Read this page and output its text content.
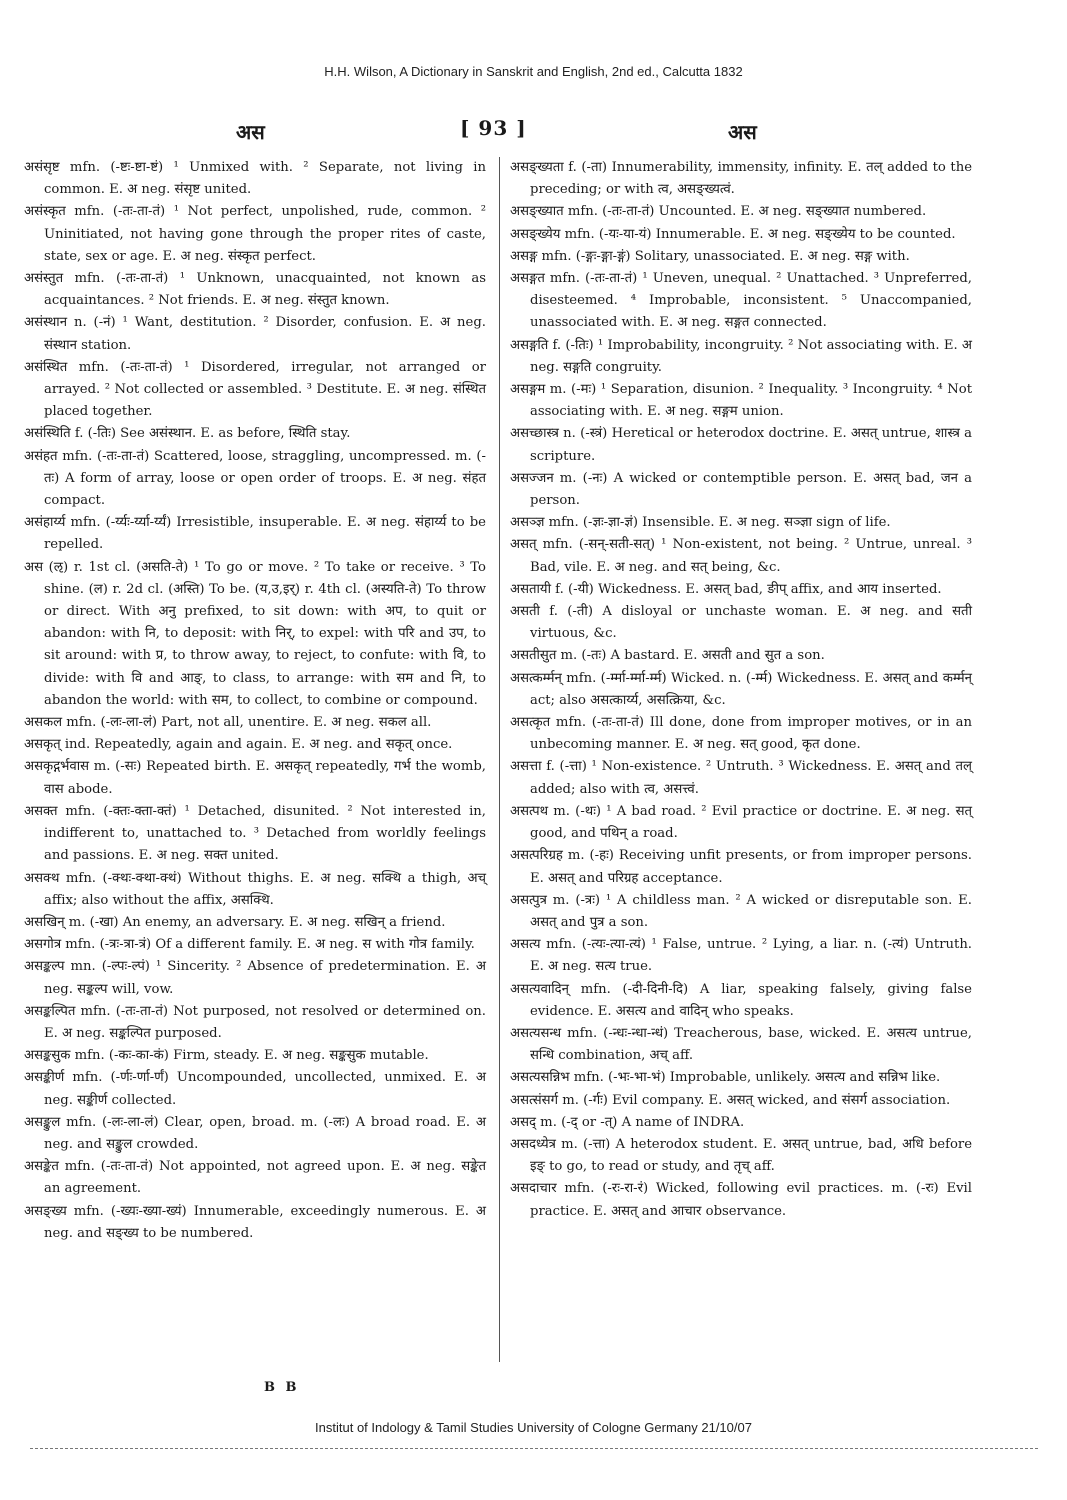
H.H. Wilson, A Dictionary in Sanskrit and English, 2nd ed., Calcutta 1832
अस	[ 93 ]	अस

असंसृष्ट mfn. (-ष्टः-ष्टा-ष्टं) ¹ Unmixed with. ² Separate, not living in common. E. अ neg. संसृष्ट united.

असंस्कृत mfn. (-तः-ता-तं) ¹ Not perfect, unpolished, rude, common. ² Uninitiated, not having gone through the proper rites of caste, state, sex or age. E. अ neg. संस्कृत perfect.

असंस्तुत mfn. (-तः-ता-तं) ¹ Unknown, unacquainted, not known as acquaintances. ² Not friends. E. अ neg. संस्तुत known.

असंस्थान n. (-नं) ¹ Want, destitution. ² Disorder, confusion. E. अ neg. संस्थान station.

असंस्थित mfn. (-तः-ता-तं) ¹ Disordered, irregular, not arranged or arrayed. ² Not collected or assembled. ³ Destitute. E. अ neg. संस्थित placed together.

असंस्थिति f. (-तिः) See असंस्थान. E. as before, स्थिति stay.

असंहत mfn. (-तः-ता-तं) Scattered, loose, straggling, uncompressed. m. (-तः) A form of array, loose or open order of troops. E. अ neg. संहत compact.

असंहार्य्य mfn. (-र्य्यः-र्य्या-र्य्यं) Irresistible, insuperable. E. अ neg. संहार्य्य to be repelled.

अस (ऌ) r. 1st cl. (असति-ते) ¹ To go or move. ² To take or receive. ³ To shine. (ल) r. 2d cl. (अस्ति) To be. (य,उ,इर्) r. 4th cl. (अस्यति-ते) To throw or direct. With अनु prefixed, to sit down: with अप, to quit or abandon: with नि, to deposit: with निर्, to expel: with परि and उप, to sit around: with प्र, to throw away, to reject, to confute: with वि, to divide: with वि and आङ्, to class, to arrange: with सम and नि, to abandon the world: with सम, to collect, to combine or compound.

असकल mfn. (-लः-ला-लं) Part, not all, unentire. E. अ neg. सकल all.

असकृत् ind. Repeatedly, again and again. E. अ neg. and सकृत् once.

असकृद्गर्भवास m. (-सः) Repeated birth. E. असकृत् repeatedly, गर्भ the womb, वास abode.

असक्त mfn. (-क्तः-क्ता-क्तं) ¹ Detached, disunited. ² Not interested in, indifferent to, unattached to. ³ Detached from worldly feelings and passions. E. अ neg. सक्त united.

असक्थ mfn. (-क्थः-क्था-क्थं) Without thighs. E. अ neg. सक्थि a thigh, अच् affix; also without the affix, असक्थि.

असखिन् m. (-खा) An enemy, an adversary. E. अ neg. सखिन् a friend.

असगोत्र mfn. (-त्रः-त्रा-त्रं) Of a different family. E. अ neg. स with गोत्र family.

असङ्कल्प mn. (-ल्पः-ल्पं) ¹ Sincerity. ² Absence of predetermination. E. अ neg. सङ्कल्प will, vow.

असङ्कल्पित mfn. (-तः-ता-तं) Not purposed, not resolved or determined on. E. अ neg. सङ्कल्पित purposed.

असङ्कसुक mfn. (-कः-का-कं) Firm, steady. E. अ neg. सङ्कसुक mutable.

असङ्कीर्ण mfn. (-र्णः-र्णा-र्णं) Uncompounded, uncollected, unmixed. E. अ neg. सङ्कीर्ण collected.

असङ्कुल mfn. (-लः-ला-लं) Clear, open, broad. m. (-लः) A broad road. E. अ neg. and सङ्कुल crowded.

असङ्केत mfn. (-तः-ता-तं) Not appointed, not agreed upon. E. अ neg. सङ्केत an agreement.

असङ्ख्य mfn. (-ख्यः-ख्या-ख्यं) Innumerable, exceedingly numerous. E. अ neg. and सङ्ख्य to be numbered.

असङ्ख्यता f. (-ता) Innumerability, immensity, infinity. E. तल् added to the preceding; or with त्व, असङ्ख्यत्वं.

असङ्ख्यात mfn. (-तः-ता-तं) Uncounted. E. अ neg. सङ्ख्यात numbered.

असङ्ख्येय mfn. (-यः-या-यं) Innumerable. E. अ neg. सङ्ख्येय to be counted.

असङ्ग mfn. (-ङ्गः-ङ्गा-ङ्गं) Solitary, unassociated. E. अ neg. सङ्ग with.

असङ्गत mfn. (-तः-ता-तं) ¹ Uneven, unequal. ² Unattached. ³ Unpreferred, disesteemed. ⁴ Improbable, inconsistent. ⁵ Unaccompanied, unassociated with. E. अ neg. सङ्गत connected.

असङ्गति f. (-तिः) ¹ Improbability, incongruity. ² Not associating with. E. अ neg. सङ्गति congruity.

असङ्गम m. (-मः) ¹ Separation, disunion. ² Inequality. ³ Incongruity. ⁴ Not associating with. E. अ neg. सङ्गम union.

असच्छास्त्र n. (-स्त्रं) Heretical or heterodox doctrine. E. असत् untrue, शास्त्र a scripture.

असज्जन m. (-नः) A wicked or contemptible person. E. असत् bad, जन a person.

असञ्ज्ञ mfn. (-ज्ञः-ज्ञा-ज्ञं) Insensible. E. अ neg. सञ्ज्ञा sign of life.

असत् mfn. (-सन्-सती-सत्) ¹ Non-existent, not being. ² Untrue, unreal. ³ Bad, vile. E. अ neg. and सत् being, &c.

असतायी f. (-यी) Wickedness. E. असत् bad, ङीप् affix, and आय inserted.

असती f. (-ती) A disloyal or unchaste woman. E. अ neg. and सती virtuous, &c.

असतीसुत m. (-तः) A bastard. E. असती and सुत a son.

असत्कर्म्मन् mfn. (-र्म्मा-र्म्मा-र्म्म) Wicked. n. (-र्म्म) Wickedness. E. असत् and कर्म्मन् act; also असत्कार्य्य, असत्क्रिया, &c.

असत्कृत mfn. (-तः-ता-तं) Ill done, done from improper motives, or in an unbecoming manner. E. अ neg. सत् good, कृत done.

असत्ता f. (-त्ता) ¹ Non-existence. ² Untruth. ³ Wickedness. E. असत् and तल् added; also with त्व, असत्त्वं.

असत्पथ m. (-थः) ¹ A bad road. ² Evil practice or doctrine. E. अ neg. सत् good, and पथिन् a road.

असत्परिग्रह m. (-हः) Receiving unfit presents, or from improper persons. E. असत् and परिग्रह acceptance.

असत्पुत्र m. (-त्रः) ¹ A childless man. ² A wicked or disreputable son. E. असत् and पुत्र a son.

असत्य mfn. (-त्यः-त्या-त्यं) ¹ False, untrue. ² Lying, a liar. n. (-त्यं) Untruth. E. अ neg. सत्य true.

असत्यवादिन् mfn. (-दी-दिनी-दि) A liar, speaking falsely, giving false evidence. E. असत्य and वादिन् who speaks.

असत्यसन्ध mfn. (-न्धः-न्धा-न्धं) Treacherous, base, wicked. E. असत्य untrue, सन्धि combination, अच् aff.

असत्यसन्निभ mfn. (-भः-भा-भं) Improbable, unlikely. असत्य and सन्निभ like.

असत्संसर्ग m. (-र्गः) Evil company. E. असत् wicked, and संसर्ग association.

असद् m. (-द् or -त्) A name of INDRA.

असदध्येत्र m. (-त्ता) A heterodox student. E. असत् untrue, bad, अधि before इङ् to go, to read or study, and तृच् aff.

असदाचार mfn. (-रः-रा-रं) Wicked, following evil practices. m. (-रः) Evil practice. E. असत् and आचार observance.

B B
Institut of Indology & Tamil Studies University of Cologne Germany 21/10/07
